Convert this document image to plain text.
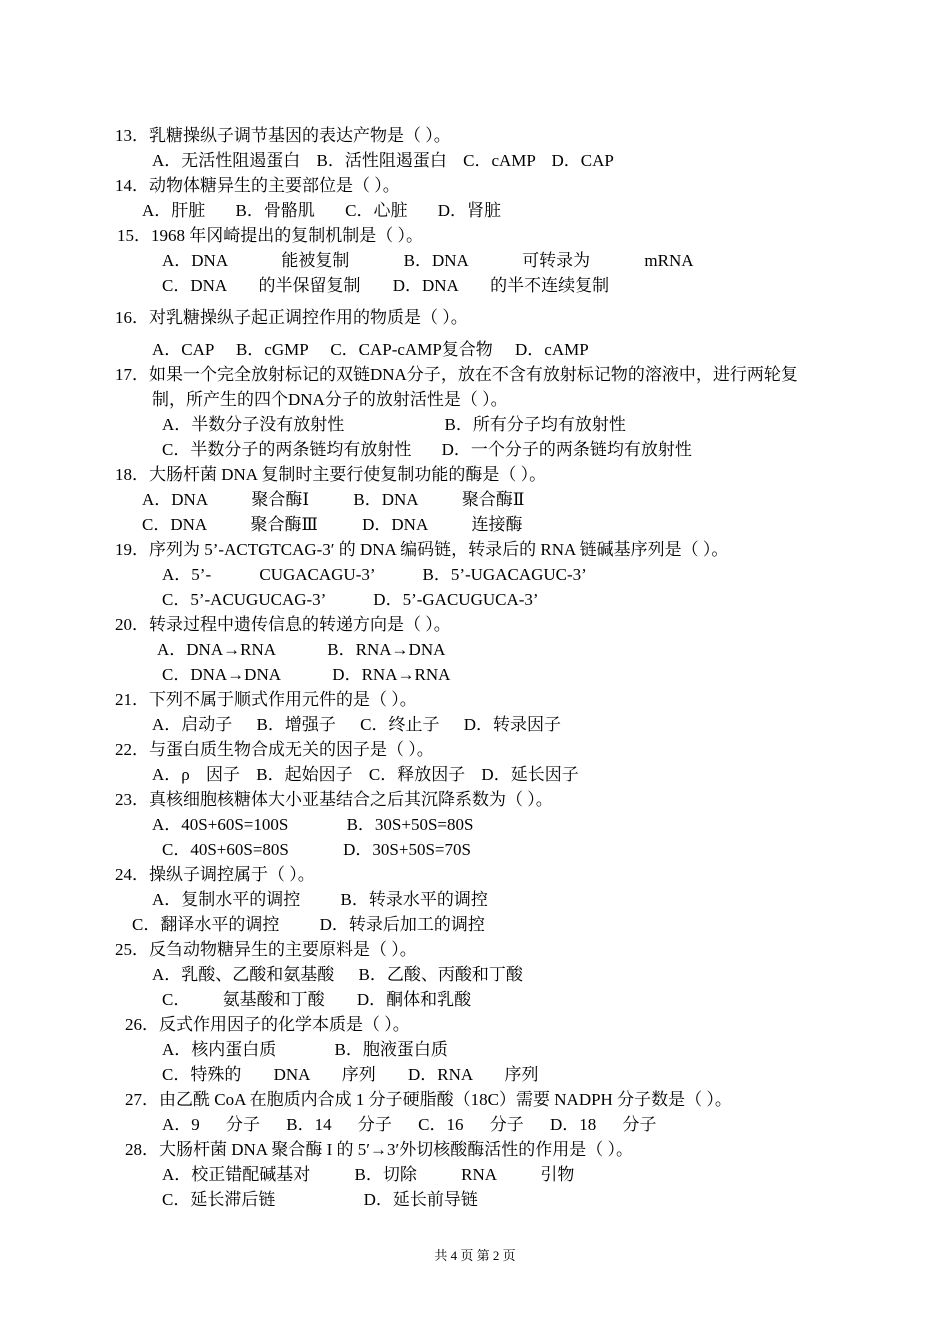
13．乳糖操纵子调节基因的表达产物是（ ）。

A．无活性阻遏蛋白 B．活性阻遏蛋白 C．cAMP D．CAP

14．动物体糖异生的主要部位是（ ）。

A．肝脏 B．骨骼肌 C．心脏 D．肾脏

15．1968 年冈崎提出的复制机制是（ ）。

A．DNA 能被复制 B．DNA 可转录为 mRNA

C．DNA 的半保留复制 D．DNA 的半不连续复制

16．对乳糖操纵子起正调控作用的物质是（ ）。

A．CAP B．cGMP C．CAP-cAMP复合物 D．cAMP

17．如果一个完全放射标记的双链DNA分子，放在不含有放射标记物的溶液中，进行两轮复

制，所产生的四个DNA分子的放射活性是（ ）。

A．半数分子没有放射性 B．所有分子均有放射性

C．半数分子的两条链均有放射性 D．一个分子的两条链均有放射性

18．大肠杆菌 DNA 复制时主要行使复制功能的酶是（ ）。

A．DNA 聚合酶Ⅰ B．DNA 聚合酶Ⅱ

C．DNA 聚合酶Ⅲ D．DNA 连接酶

19．序列为 5’-ACTGTCAG-3′ 的 DNA 编码链，转录后的 RNA 链碱基序列是（ ）。

A．5’- CUGACAGU-3’ B．5’-UGACAGUC-3’

C．5’-ACUGUCAG-3’ D．5’-GACUGUCA-3’

20．转录过程中遗传信息的转递方向是（ ）。

A．DNA→RNA B．RNA→DNA

C．DNA→DNA D．RNA→RNA

21．下列不属于顺式作用元件的是（ ）。

A．启动子 B．增强子 C．终止子 D．转录因子

22．与蛋白质生物合成无关的因子是（ ）。

A．ρ 因子 B．起始因子 C．释放因子 D．延长因子

23．真核细胞核糖体大小亚基结合之后其沉降系数为（ ）。

A．40S+60S=100S B．30S+50S=80S

C．40S+60S=80S D．30S+50S=70S

24．操纵子调控属于（ ）。

A．复制水平的调控 B．转录水平的调控

C．翻译水平的调控 D．转录后加工的调控

25．反刍动物糖异生的主要原料是（ ）。

A．乳酸、乙酸和氨基酸 B．乙酸、丙酸和丁酸

C． 氨基酸和丁酸 D．酮体和乳酸

26．反式作用因子的化学本质是（ ）。

A．核内蛋白质 B．胞液蛋白质

C．特殊的 DNA 序列 D．RNA 序列

27．由乙酰 CoA 在胞质内合成 1 分子硬脂酸（18C）需要 NADPH 分子数是（ ）。

A．9 分子 B．14 分子 C．16 分子 D．18 分子

28．大肠杆菌 DNA 聚合酶 I 的 5′→3′外切核酸酶活性的作用是（ ）。

A．校正错配碱基对 B．切除 RNA 引物

C．延长滞后链 D．延长前导链

共 4 页 第 2 页
